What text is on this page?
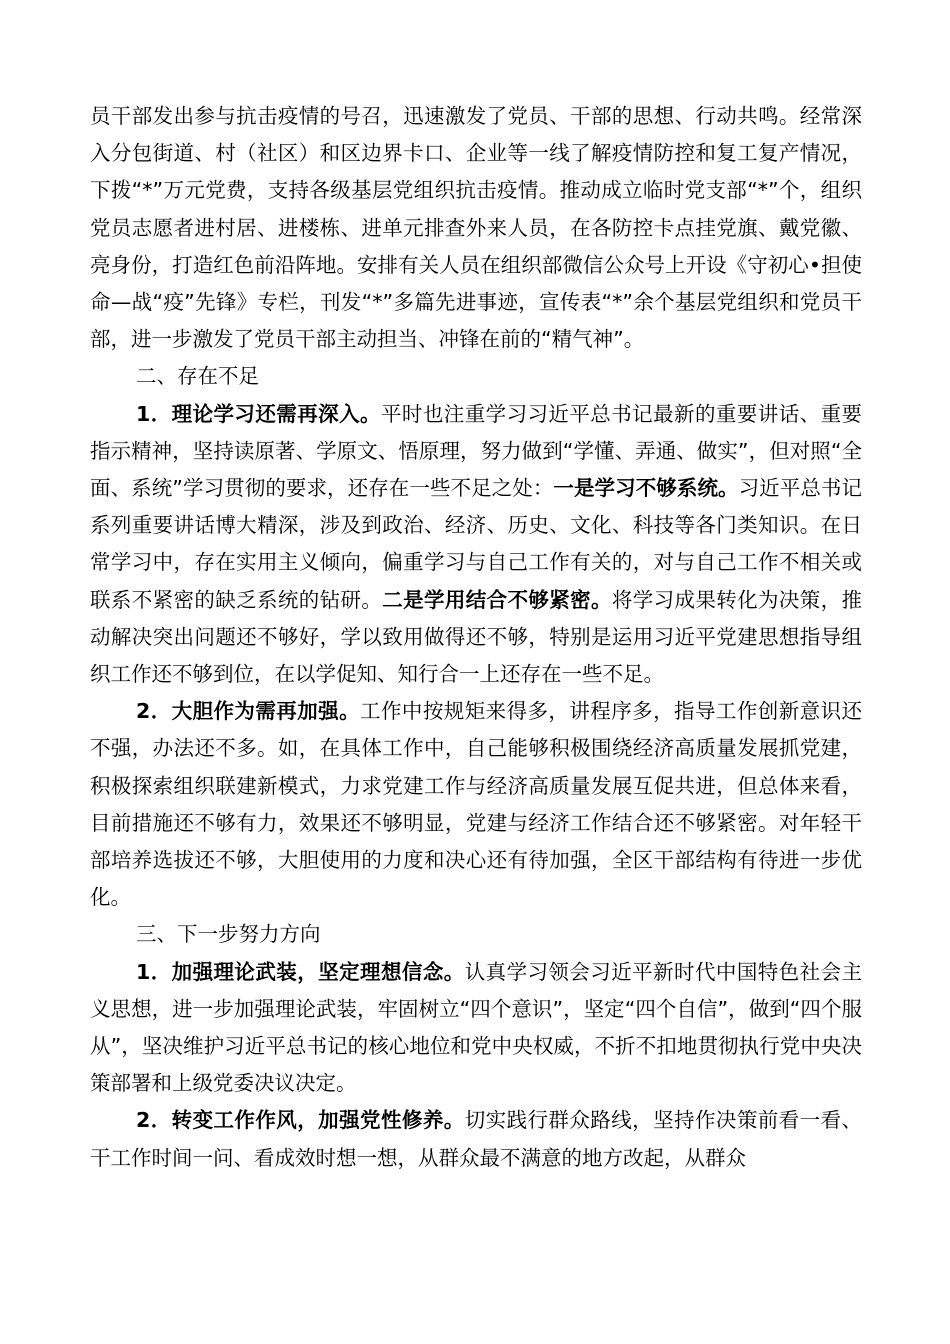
员干部发出参与抗击疫情的号召，迅速激发了党员、干部的思想、行动共鸣。经常深入分包街道、村（社区）和区边界卡口、企业等一线了解疫情防控和复工复产情况，下拨“*”万元党费，支持各级基层党组织抗击疫情。推动成立临时党支部“*”个，组织党员志愿者进村居、进楼栋、进单元排查外来人员，在各防控卡点挂党旗、戴党徽、亮身份，打造红色前沿阵地。安排有关人员在组织部微信公众号上开设《守初心•担使命—战“疫”先锋》专栏，刊发“*”多篇先进事迹，宣传表“*”余个基层党组织和党员干部，进一步激发了党员干部主动担当、冲锋在前的“精气神”。

二、存在不足

1．理论学习还需再深入。平时也注重学习习近平总书记最新的重要讲话、重要指示精神，坚持读原著、学原文、悟原理，努力做到“学懂、弄通、做实”，但对照“全面、系统”学习贯彻的要求，还存在一些不足之处：一是学习不够系统。习近平总书记系列重要讲话博大精深，涉及到政治、经济、历史、文化、科技等各门类知识。在日常学习中，存在实用主义倾向，偏重学习与自己工作有关的，对与自己工作不相关或联系不紧密的缺乏系统的钻研。二是学用结合不够紧密。将学习成果转化为决策，推动解决突出问题还不够好，学以致用做得还不够，特别是运用习近平党建思想指导组织工作还不够到位，在以学促知、知行合一上还存在一些不足。

2．大胆作为需再加强。工作中按规矩来得多，讲程序多，指导工作创新意识还不强，办法还不多。如，在具体工作中，自己能够积极围绕经济高质量发展抓党建，积极探索组织联建新模式，力求党建工作与经济高质量发展互促共进，但总体来看，目前措施还不够有力，效果还不够明显，党建与经济工作结合还不够紧密。对年轻干部培养选拔还不够，大胆使用的力度和决心还有待加强，全区干部结构有待进一步优化。

三、下一步努力方向

1．加强理论武装，坚定理想信念。认真学习领会习近平新时代中国特色社会主义思想，进一步加强理论武装，牢固树立“四个意识”，坚定“四个自信”，做到“四个服从”，坚决维护习近平总书记的核心地位和党中央权威，不折不扣地贯彻执行党中央决策部署和上级党委决议决定。

2．转变工作作风，加强党性修养。切实践行群众路线，坚持作决策前看一看、干工作时间一问、看成效时想一想，从群众最不满意的地方改起，从群众
